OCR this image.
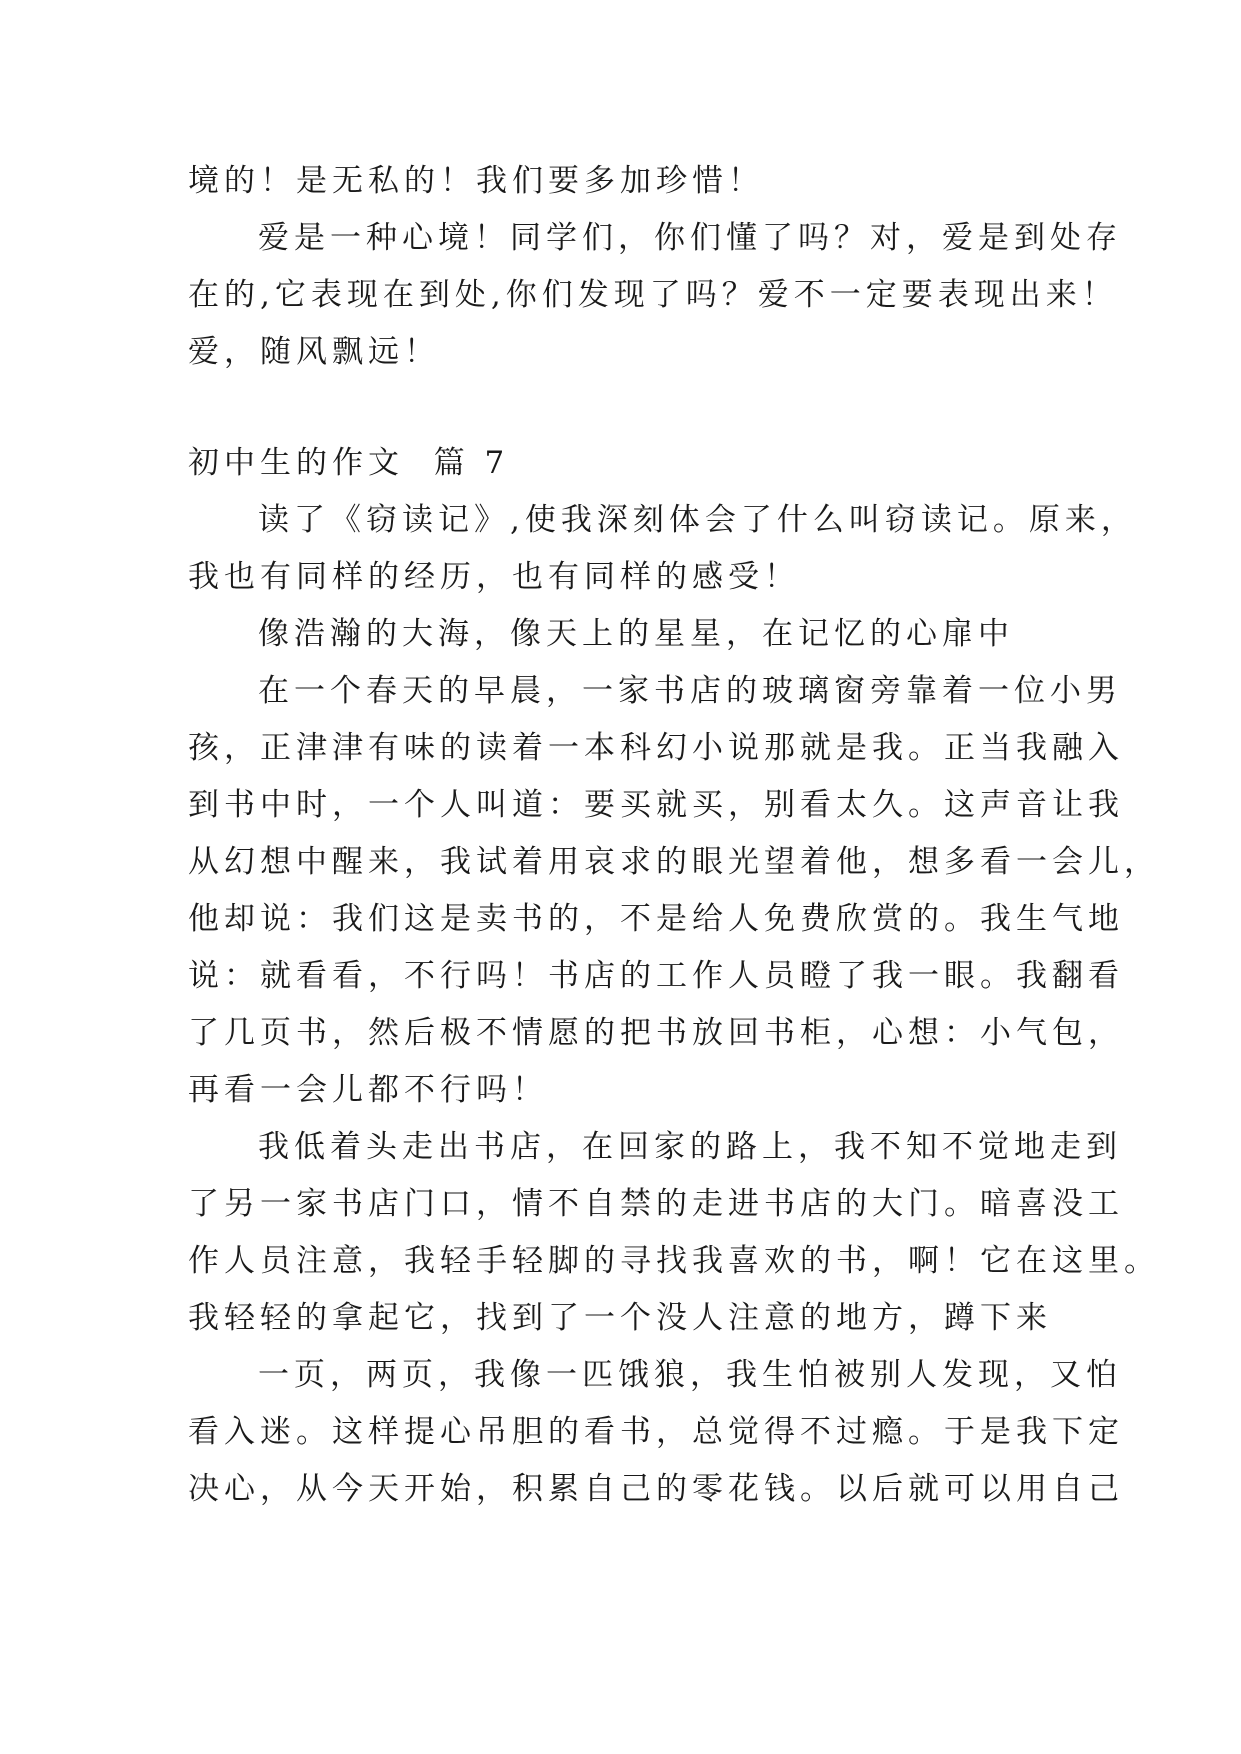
境的！是无私的！我们要多加珍惜！
爱是一种心境！同学们，你们懂了吗？对，爱是到处存
在的,它表现在到处,你们发现了吗？爱不一定要表现出来！
爱，随风飘远！
初中生的作文  篇 7
读了《窃读记》,使我深刻体会了什么叫窃读记。原来，
我也有同样的经历，也有同样的感受！
像浩瀚的大海，像天上的星星，在记忆的心扉中
在一个春天的早晨，一家书店的玻璃窗旁靠着一位小男
孩，正津津有味的读着一本科幻小说那就是我。正当我融入
到书中时，一个人叫道：要买就买，别看太久。这声音让我
从幻想中醒来，我试着用哀求的眼光望着他，想多看一会儿，
他却说：我们这是卖书的，不是给人免费欣赏的。我生气地
说：就看看，不行吗！书店的工作人员瞪了我一眼。我翻看
了几页书，然后极不情愿的把书放回书柜，心想：小气包，
再看一会儿都不行吗！
我低着头走出书店，在回家的路上，我不知不觉地走到
了另一家书店门口，情不自禁的走进书店的大门。暗喜没工
作人员注意，我轻手轻脚的寻找我喜欢的书，啊！它在这里。
我轻轻的拿起它，找到了一个没人注意的地方，蹲下来
一页，两页，我像一匹饿狼，我生怕被别人发现，又怕
看入迷。这样提心吊胆的看书，总觉得不过瘾。于是我下定
决心，从今天开始，积累自己的零花钱。以后就可以用自己
